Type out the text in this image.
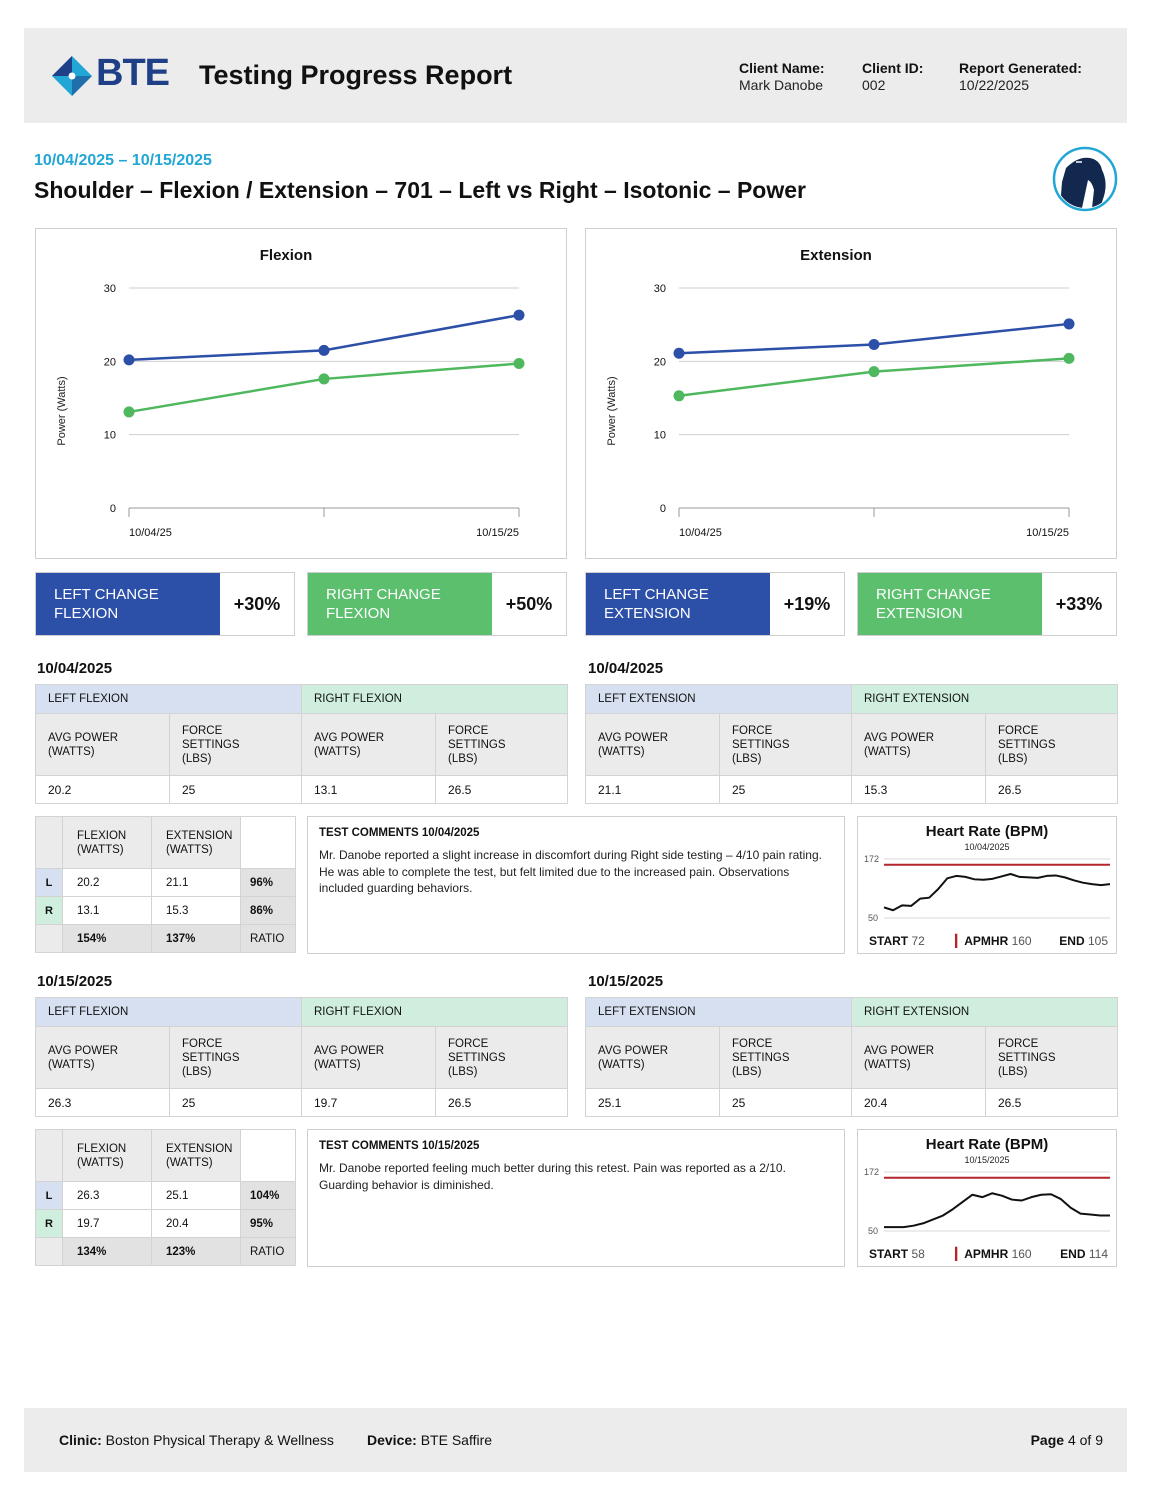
BTE Testing Progress Report	Client Name:
Mark Danobe
Client ID:
002
Report Generated:
10/22/2025
10/04/2025 – 10/15/2025
Shoulder – Flexion / Extension – 701 – Left vs Right – Isotonic – Power
Flexion
0
10
20
30
10/04/25	10/15/25
Power (Watts)
Extension
0
10
20
30
10/04/25	10/15/25
Power (Watts)
LEFT CHANGE FLEXION	+30%	RIGHT CHANGE FLEXION	+50%	LEFT CHANGE EXTENSION	+19%	RIGHT CHANGE EXTENSION	+33%
10/04/2025	10/04/2025
LEFT FLEXION		RIGHT FLEXION	
AVG POWER
(WATTS)	FORCE
SETTINGS
(LBS)	AVG POWER
(WATTS)	FORCE
SETTINGS
(LBS)
20.2	25	13.1	26.5
LEFT EXTENSION		RIGHT EXTENSION	
AVG POWER
(WATTS)	FORCE
SETTINGS
(LBS)	AVG POWER
(WATTS)	FORCE
SETTINGS
(LBS)
21.1	25	15.3	26.5
	FLEXION
(WATTS)	EXTENSION
(WATTS)	
L	20.2	21.1	96%
R	13.1	15.3	86%
	154%	137%	RATIO
TEST COMMENTS 10/04/2025
Mr. Danobe reported a slight increase in discomfort during Right side testing – 4/10 pain rating. He was able to complete the test, but felt limited due to the increased pain. Observations included guarding behaviors.
172
50
Heart Rate (BPM)
10/04/2025
START 72	▎APMHR 160 END 105
10/15/2025	10/15/2025
LEFT FLEXION		RIGHT FLEXION	
AVG POWER
(WATTS)	FORCE
SETTINGS
(LBS)	AVG POWER
(WATTS)	FORCE
SETTINGS
(LBS)
26.3	25	19.7	26.5
LEFT EXTENSION		RIGHT EXTENSION	
AVG POWER
(WATTS)	FORCE
SETTINGS
(LBS)	AVG POWER
(WATTS)	FORCE
SETTINGS
(LBS)
25.1	25	20.4	26.5
	FLEXION
(WATTS)	EXTENSION
(WATTS)	
L	26.3	25.1	104%
R	19.7	20.4	95%
	134%	123%	RATIO
TEST COMMENTS 10/15/2025
Mr. Danobe reported feeling much better during this retest. Pain was reported as a 2/10. Guarding behavior is diminished.
172
50
Heart Rate (BPM)
10/15/2025
START 58	▎APMHR 160 END 114
Clinic: Boston Physical Therapy & Wellness Device: BTE Saffire	Page 4 of 9
